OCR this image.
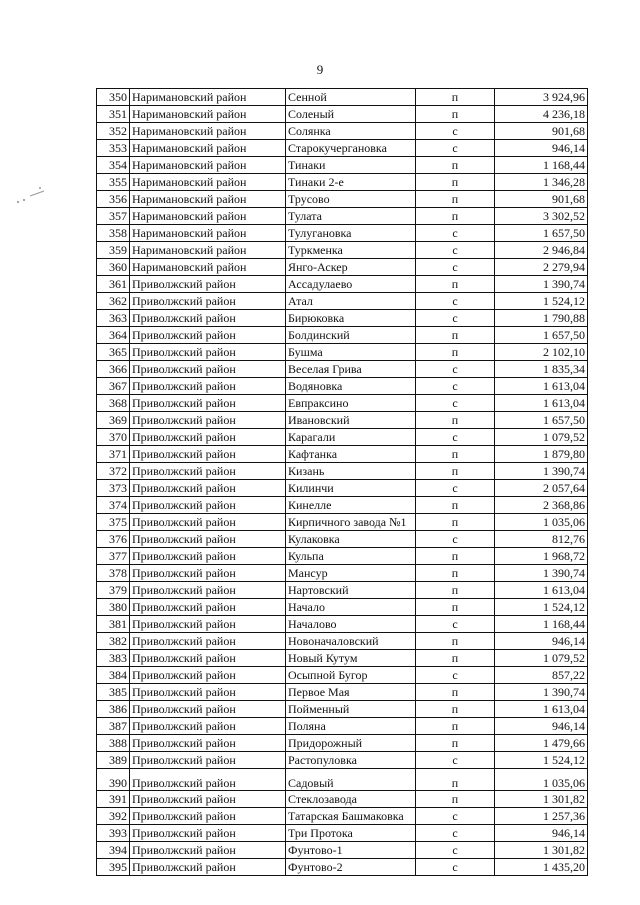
9
350	Наримановский район	Сенной	п	3 924,96
351	Наримановский район	Соленый	п	4 236,18
352	Наримановский район	Солянка	с	901,68
353	Наримановский район	Старокучергановка	с	946,14
354	Наримановский район	Тинаки	п	1 168,44
355	Наримановский район	Тинаки 2-е	п	1 346,28
356	Наримановский район	Трусово	п	901,68
357	Наримановский район	Тулата	п	3 302,52
358	Наримановский район	Тулугановка	с	1 657,50
359	Наримановский район	Туркменка	с	2 946,84
360	Наримановский район	Янго-Аскер	с	2 279,94
361	Приволжский район	Ассадулаево	п	1 390,74
362	Приволжский район	Атал	с	1 524,12
363	Приволжский район	Бирюковка	с	1 790,88
364	Приволжский район	Болдинский	п	1 657,50
365	Приволжский район	Бушма	п	2 102,10
366	Приволжский район	Веселая Грива	с	1 835,34
367	Приволжский район	Водяновка	с	1 613,04
368	Приволжский район	Евпраксино	с	1 613,04
369	Приволжский район	Ивановский	п	1 657,50
370	Приволжский район	Карагали	с	1 079,52
371	Приволжский район	Кафтанка	п	1 879,80
372	Приволжский район	Кизань	п	1 390,74
373	Приволжский район	Килинчи	с	2 057,64
374	Приволжский район	Кинелле	п	2 368,86
375	Приволжский район	Кирпичного завода №1	п	1 035,06
376	Приволжский район	Кулаковка	с	812,76
377	Приволжский район	Кульпа	п	1 968,72
378	Приволжский район	Мансур	п	1 390,74
379	Приволжский район	Нартовский	п	1 613,04
380	Приволжский район	Начало	п	1 524,12
381	Приволжский район	Началово	с	1 168,44
382	Приволжский район	Новоначаловский	п	946,14
383	Приволжский район	Новый Кутум	п	1 079,52
384	Приволжский район	Осыпной Бугор	с	857,22
385	Приволжский район	Первое Мая	п	1 390,74
386	Приволжский район	Пойменный	п	1 613,04
387	Приволжский район	Поляна	п	946,14
388	Приволжский район	Придорожный	п	1 479,66
389	Приволжский район	Растопуловка	с	1 524,12
390	Приволжский район	Садовый	п	1 035,06
391	Приволжский район	Стеклозавода	п	1 301,82
392	Приволжский район	Татарская Башмаковка	с	1 257,36
393	Приволжский район	Три Протока	с	946,14
394	Приволжский район	Фунтово-1	с	1 301,82
395	Приволжский район	Фунтово-2	с	1 435,20
